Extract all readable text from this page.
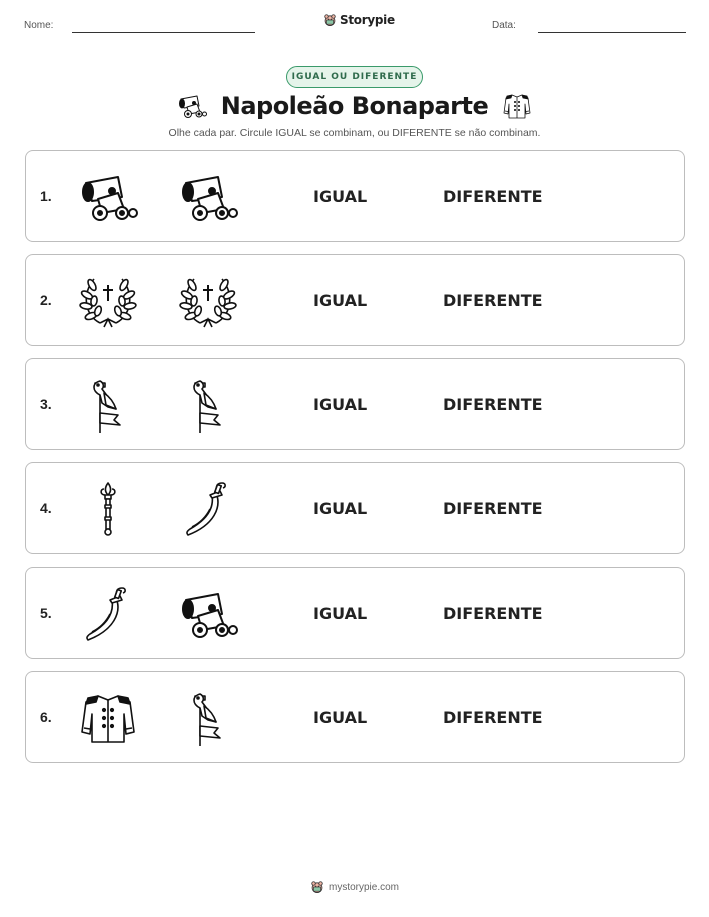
Nome:	Storypie	Data:
IGUAL OU DIFERENTE
Napoleão Bonaparte
Olhe cada par. Circule IGUAL se combinam, ou DIFERENTE se não combinam.
1.	IGUAL	DIFERENTE
2.	IGUAL	DIFERENTE
3.	IGUAL	DIFERENTE
4.	IGUAL	DIFERENTE
5.	IGUAL	DIFERENTE
6.	IGUAL	DIFERENTE
mystorypie.com
